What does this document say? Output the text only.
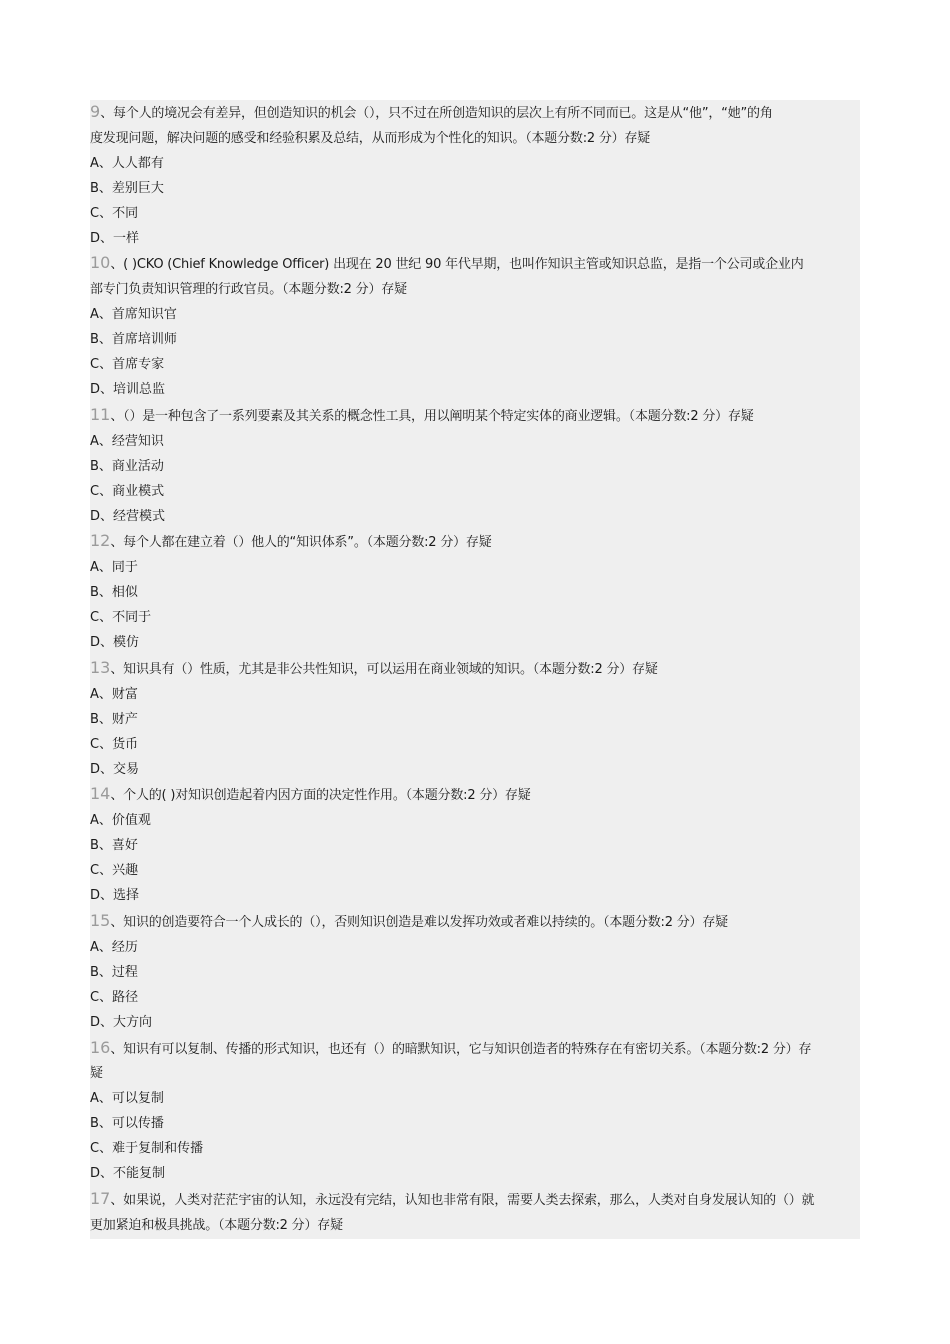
9、每个人的境况会有差异，但创造知识的机会（），只不过在所创造知识的层次上有所不同而已。这是从“他”，“她”的角
度发现问题，解决问题的感受和经验积累及总结，从而形成为个性化的知识。（本题分数:2 分）存疑
A、人人都有
B、差别巨大
C、不同
D、一样
10、( )CKO (Chief Knowledge Officer) 出现在 20 世纪 90 年代早期，也叫作知识主管或知识总监，是指一个公司或企业内
部专门负责知识管理的行政官员。（本题分数:2 分）存疑
A、首席知识官
B、首席培训师
C、首席专家
D、培训总监
11、（）是一种包含了一系列要素及其关系的概念性工具，用以阐明某个特定实体的商业逻辑。（本题分数:2 分）存疑
A、经营知识
B、商业活动
C、商业模式
D、经营模式
12、每个人都在建立着（）他人的“知识体系”。（本题分数:2 分）存疑
A、同于
B、相似
C、不同于
D、模仿
13、知识具有（）性质，尤其是非公共性知识，可以运用在商业领域的知识。（本题分数:2 分）存疑
A、财富
B、财产
C、货币
D、交易
14、个人的( )对知识创造起着内因方面的决定性作用。（本题分数:2 分）存疑
A、价值观
B、喜好
C、兴趣
D、选择
15、知识的创造要符合一个人成长的（），否则知识创造是难以发挥功效或者难以持续的。（本题分数:2 分）存疑
A、经历
B、过程
C、路径
D、大方向
16、知识有可以复制、传播的形式知识，也还有（）的暗默知识，它与知识创造者的特殊存在有密切关系。（本题分数:2 分）存
疑
A、可以复制
B、可以传播
C、难于复制和传播
D、不能复制
17、如果说，人类对茫茫宇宙的认知，永远没有完结，认知也非常有限，需要人类去探索，那么，人类对自身发展认知的（）就
更加紧迫和极具挑战。（本题分数:2 分）存疑
